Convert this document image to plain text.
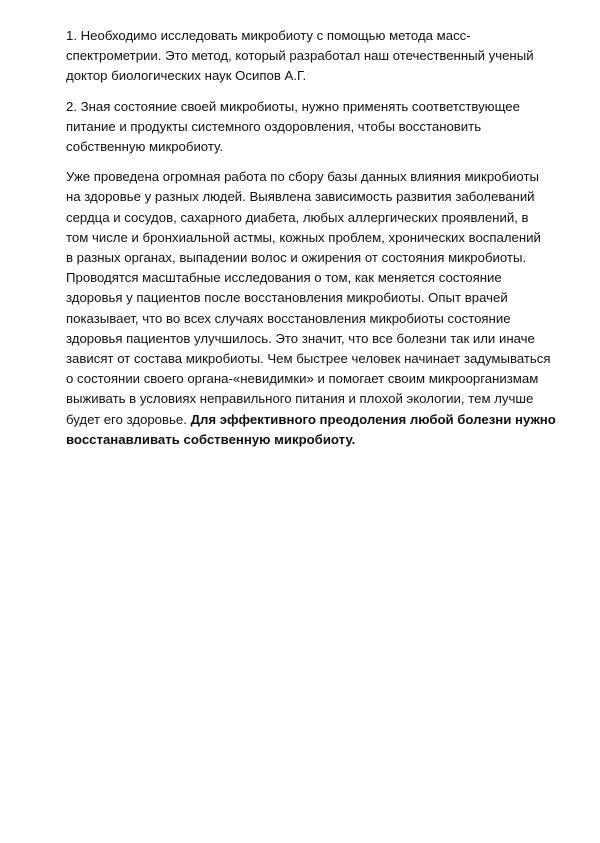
1. Необходимо исследовать микробиоту с помощью метода масс-
спектрометрии. Это метод, который разработал наш отечественный ученый
доктор биологических наук Осипов А.Г.

2. Зная состояние своей микробиоты, нужно применять соответствующее
питание и продукты системного оздоровления, чтобы восстановить
собственную микробиоту.

Уже проведена огромная работа по сбору базы данных влияния микробиоты
на здоровье у разных людей. Выявлена зависимость развития заболеваний
сердца и сосудов, сахарного диабета, любых аллергических проявлений, в
том числе и бронхиальной астмы, кожных проблем, хронических воспалений
в разных органах, выпадении волос и ожирения от состояния микробиоты.
Проводятся масштабные исследования о том, как меняется состояние
здоровья у пациентов после восстановления микробиоты. Опыт врачей
показывает, что во всех случаях восстановления микробиоты состояние
здоровья пациентов улучшилось. Это значит, что все болезни так или иначе
зависят от состава микробиоты. Чем быстрее человек начинает задумываться
о состоянии своего органа-«невидимки» и помогает своим микроорганизмам
выживать в условиях неправильного питания и плохой экологии, тем лучше
будет его здоровье. Для эффективного преодоления любой болезни нужно
восстанавливать собственную микробиоту.
